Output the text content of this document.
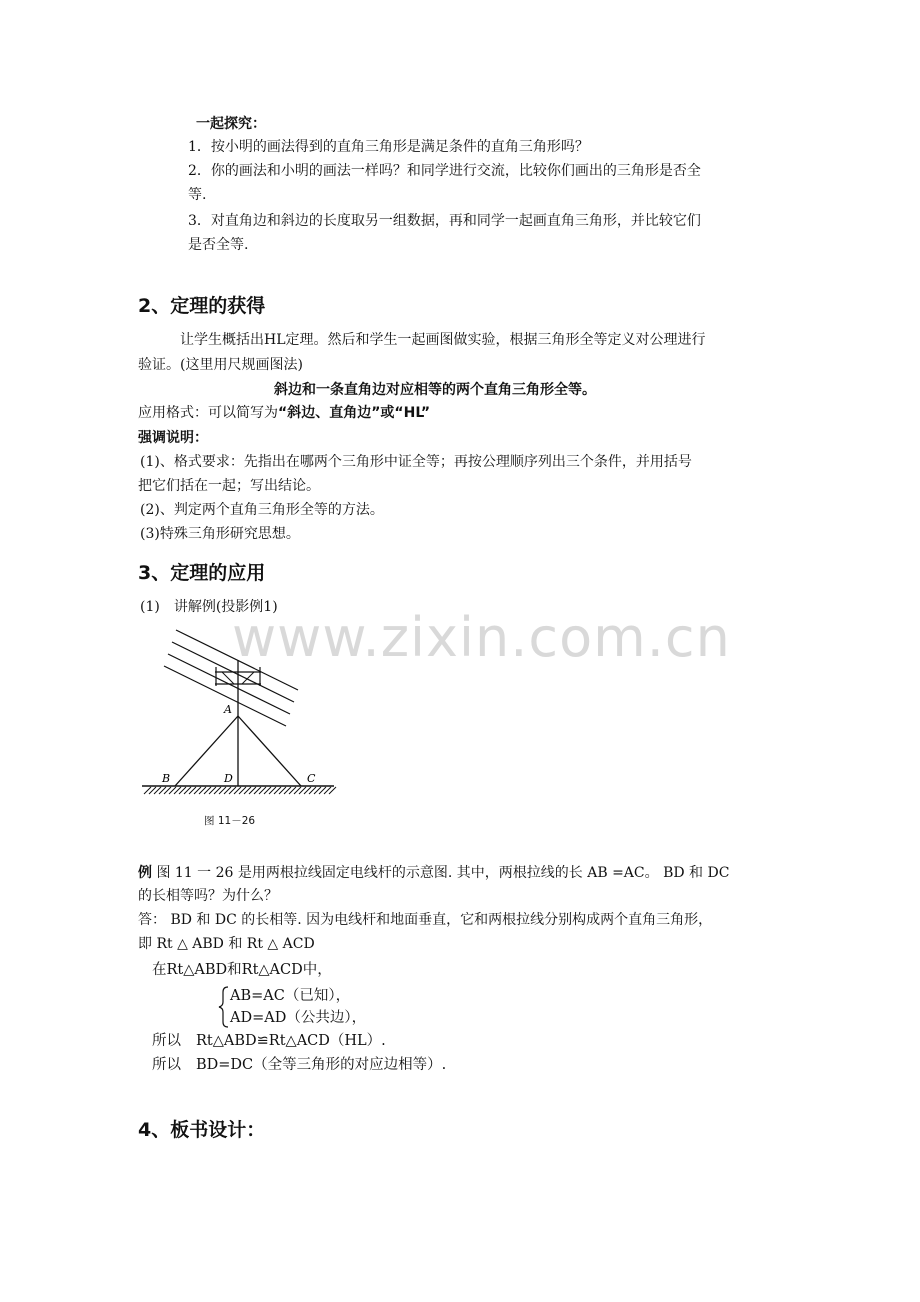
一起探究：
1．按小明的画法得到的直角三角形是满足条件的直角三角形吗？
2．你的画法和小明的画法一样吗？和同学进行交流，比较你们画出的三角形是否全
等.
3．对直角边和斜边的长度取另一组数据，再和同学一起画直角三角形，并比较它们
是否全等.
2、定理的获得
让学生概括出HL定理。然后和学生一起画图做实验，根据三角形全等定义对公理进行
验证。(这里用尺规画图法)
斜边和一条直角边对应相等的两个直角三角形全等。
应用格式：可以简写为“斜边、直角边”或“HL”
强调说明：
(1)、格式要求：先指出在哪两个三角形中证全等；再按公理顺序列出三个条件，并用括号
把它们括在一起；写出结论。
(2)、判定两个直角三角形全等的方法。
(3)特殊三角形研究思想。
3、定理的应用
(1)　讲解例(投影例1)
www.zixin.com.cn
A
B	D	C
图 11－26
例 图 11 一 26 是用两根拉线固定电线杆的示意图. 其中，两根拉线的长 AB =AC。 BD 和 DC
的长相等吗？为什么？
答： BD 和 DC 的长相等. 因为电线杆和地面垂直，它和两根拉线分别构成两个直角三角形，
即 Rt △ ABD 和 Rt △ ACD
在Rt△ABD和Rt△ACD中，
AB=AC（已知），
AD=AD（公共边），
所以 Rt△ABD≌Rt△ACD（HL）.
所以 BD=DC（全等三角形的对应边相等）.
4、板书设计：
